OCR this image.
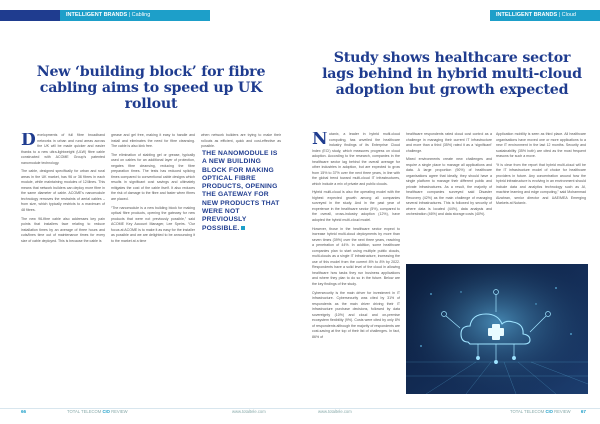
INTELLIGENT BRANDS | Cabling
New ‘building block’ for fibre cabling aims to speed up UK rollout

Developments of full fibre broadband networks in urban and rural areas across the UK will be made quicker and easier thanks to a new ultra-lightweight (ULW) fibre cable constructed with ACOME Group’s patented nanomodule technology.

The cable, designed specifically for urban and rural areas in the UK market, has 96 or 36 fibres in each module, while maintaining modules of 124lines. This means that network builders can deploy more fibre in the same diameter of cable. ACOME’s nanomodule technology removes the restraints of aerial cables – from size, which typically restricts to a maximum of 48 fibres.

The new 96-fibre cable also addresses key pain points that installers face relating to reduce installation times by an average of three hours and cuts/lines time out of maintenance times for every size of cable deployed. This is because the cable is

grease and gel free, making it easy to handle and install and eliminates the need for fibre cleansing. The cable is also kink free.

The elimination of stabling gel or grease, typically used on cables for an additional layer of protection, negates fibre cleansing, reducing the fibre preparation times. The tests has reduced splicing times compared to conventional cable designs which results in significant cost savings and ultimately mitigates the cost of the cable itself. It also reduces the risk of damage to the fibre and faster when fibres are placed.

“The nanomodule is a new building block for making optical fibre products, opening the gateway for new products that were not previously possible,” said ACOME Key Account Manager, Lee Speirs. “Our focus at ACOME is to make it as easy for the installer as possible and we are delighted to be announcing it to the market at a time

when network builders are trying to make their rollouts as efficient, quick and cost-effective as possible.

THE NANOMODULE IS A NEW BUILDING BLOCK FOR MAKING OPTICAL FIBRE PRODUCTS, OPENING THE GATEWAY FOR NEW PRODUCTS THAT WERE NOT PREVIOUSLY POSSIBLE.
66	TOTAL TELECOM CIO REVIEW	www.totaltele.com
INTELLIGENT BRANDS | Cloud
Study shows healthcare sector lags behind in hybrid multi-cloud adoption but growth expected

Nutanix, a leader in hybrid multi-cloud computing, has unveiled the healthcare industry findings of its Enterprise Cloud Index (ECI) study, which measures progress on cloud adoption. According to the research, companies in the healthcare sector lag behind the overall average for other industries in adoption, but are expected to grow from 15% to 37% over the next three years, in line with the global trend toward multi-cloud IT infrastructures, which include a mix of private and public clouds.

Hybrid multi-cloud is also the operating model with the highest expected growth among all companies surveyed in the study. And in the past year of experience in the healthcare sector (5%), compared to the overall, cross-industry adoption (12%), have adopted the hybrid multi-cloud model.

However, those in the healthcare sector expect to increase hybrid multi-cloud deployments by more than seven times (39%) over the next three years, reaching a penetration of 44%. In addition, some healthcare companies plan to start using multiple public clouds, multi-clouds as a single IT infrastructure, increasing the use of this model from the current 8% to 8% by 2022. Respondents have a solid level of the cloud in allowing healthcare how tasks they run business applications and where they plan to do so in the future. Below are the key findings of the study.

Cybersecurity is the main driver for investment in IT infrastructure. Cybersecurity was cited by 31% of respondents as the main driver driving their IT infrastructure purchase decisions, followed by data sovereignty (10%) and cloud and on-premise ecosystem flexibility (9%). Costs were cited by only 8% of respondents although the majority of respondents are cost-saving at the top of their list of challenges. In fact, 86% of

healthcare respondents rated cloud cost control as a challenge in managing their current IT infrastructure and more than a third (35%) rated it as a ‘significant’ challenge.

Mixed environments create new challenges and require a single place to manage all applications and data. A large proportion (90%) of healthcare organisations agree that ideally, they should have a single platform to manage their different public and private infrastructures. As a result, the majority of healthcare companies surveyed said Disaster Recovery (42%) as the main challenge of managing several infrastructures. This is followed by security of where data is located (44%), data analysis and orchestration (46%) and data storage costs (40%).

Application mobility is seen as third place. All healthcare organisations have moved one or more applications to a new IT environment in the last 12 months. Security and sustainability (35% both) are cited as the most frequent reasons for such a move.

“It is clear from the report that hybrid multi-cloud will be the IT infrastructure model of choice for healthcare providers in future. Any concentration around how the hybrid infrastructure is evolving in an environment should include data and analytics technology such as AI, machine learning and edge computing,” said Mohammad Alzahran, senior director and UAE/MEA Emerging Markets at Nutanix.

www.totaltele.com	TOTAL TELECOM CIO REVIEW 67
